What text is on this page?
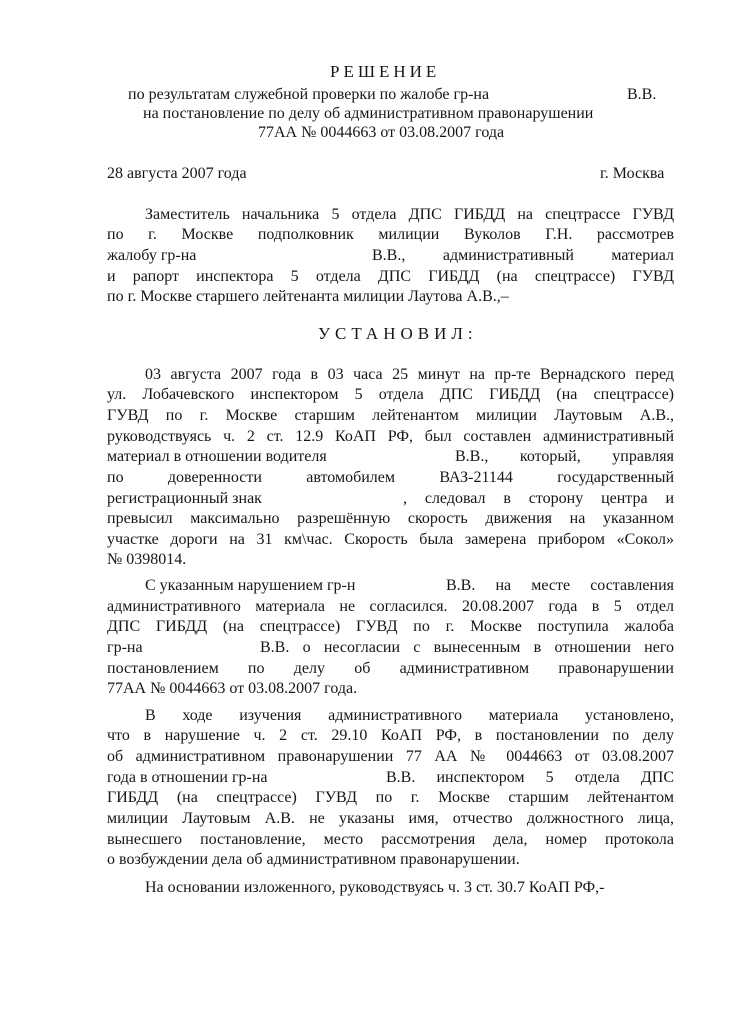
РЕШЕНИЕ
по результатам служебной проверки по жалобе гр-на	В.В.
на постановление по делу об административном правонарушении
77АА № 0044663 от 03.08.2007 года
28 августа 2007 года	г. Москва
Заместитель начальника 5 отдела ДПС ГИБДД на спецтрассе ГУВД
по г. Москве подполковник милиции Вуколов Г.Н. рассмотрев
жалобу гр-на	В.В., административный материал
и рапорт инспектора 5 отдела ДПС ГИБДД (на спецтрассе) ГУВД
по г. Москве старшего лейтенанта милиции Лаутова А.В.,–
УСТАНОВИЛ:
03 августа 2007 года в 03 часа 25 минут на пр-те Вернадского перед
ул. Лобачевского инспектором 5 отдела ДПС ГИБДД (на спецтрассе)
ГУВД по г. Москве старшим лейтенантом милиции Лаутовым А.В.,
руководствуясь ч. 2 ст. 12.9 КоАП РФ, был составлен административный
материал в отношении водителя	В.В., который, управляя
по доверенности автомобилем ВАЗ-21144 государственный
регистрационный знак	, следовал в сторону центра и
превысил максимально разрешённую скорость движения на указанном
участке дороги на 31 км\час. Скорость была замерена прибором «Сокол»
№ 0398014.
С указанным нарушением гр-н	В.В. на месте составления
административного материала не согласился. 20.08.2007 года в 5 отдел
ДПС ГИБДД (на спецтрассе) ГУВД по г. Москве поступила жалоба
гр-на	В.В. о несогласии с вынесенным в отношении него
постановлением по делу об административном правонарушении
77АА № 0044663 от 03.08.2007 года.
В ходе изучения административного материала установлено,
что в нарушение ч. 2 ст. 29.10 КоАП РФ, в постановлении по делу
об административном правонарушении 77 АА № 0044663 от 03.08.2007
года в отношении гр-на	В.В. инспектором 5 отдела ДПС
ГИБДД (на спецтрассе) ГУВД по г. Москве старшим лейтенантом
милиции Лаутовым А.В. не указаны имя, отчество должностного лица,
вынесшего постановление, место рассмотрения дела, номер протокола
о возбуждении дела об административном правонарушении.
На основании изложенного, руководствуясь ч. 3 ст. 30.7 КоАП РФ,-
